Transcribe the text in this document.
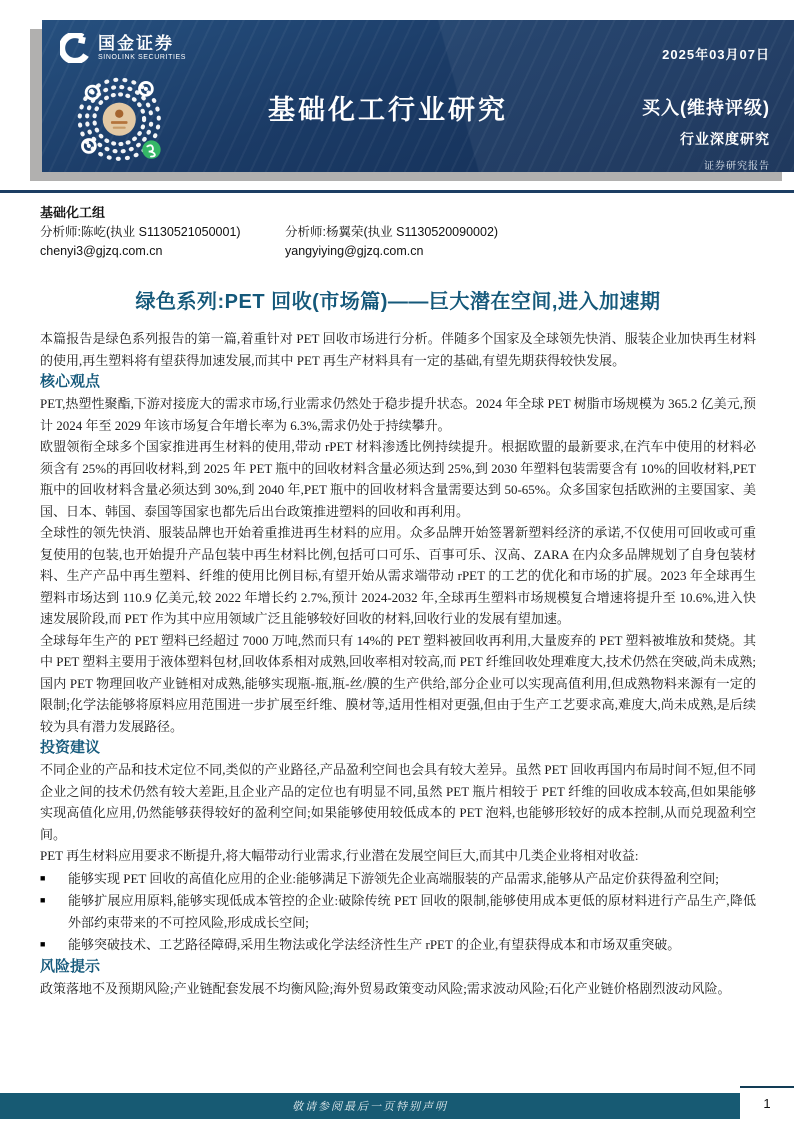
国金证券
SINOLINK SECURITIES	2025年03月07日
基础化工行业研究	买入(维持评级)
行业深度研究
证券研究报告
基础化工组
分析师:陈屹(执业 S1130521050001)
chenyi3@gjzq.com.cn
分析师:杨翼荣(执业 S1130520090002)
yangyiying@gjzq.com.cn
绿色系列:PET 回收(市场篇)——巨大潜在空间,进入加速期

本篇报告是绿色系列报告的第一篇,着重针对 PET 回收市场进行分析。伴随多个国家及全球领先快消、服装企业加快再生材料的使用,再生塑料将有望获得加速发展,而其中 PET 再生产材料具有一定的基础,有望先期获得较快发展。

核心观点

PET,热塑性聚酯,下游对接庞大的需求市场,行业需求仍然处于稳步提升状态。2024 年全球 PET 树脂市场规模为 365.2 亿美元,预计 2024 年至 2029 年该市场复合年增长率为 6.3%,需求仍处于持续攀升。

欧盟领衔全球多个国家推进再生材料的使用,带动 rPET 材料渗透比例持续提升。根据欧盟的最新要求,在汽车中使用的材料必须含有 25%的再回收材料,到 2025 年 PET 瓶中的回收材料含量必须达到 25%,到 2030 年塑料包装需要含有 10%的回收材料,PET 瓶中的回收材料含量必须达到 30%,到 2040 年,PET 瓶中的回收材料含量需要达到 50-65%。众多国家包括欧洲的主要国家、美国、日本、韩国、泰国等国家也都先后出台政策推进塑料的回收和再利用。

全球性的领先快消、服装品牌也开始着重推进再生材料的应用。众多品牌开始签署新塑料经济的承诺,不仅使用可回收或可重复使用的包装,也开始提升产品包装中再生材料比例,包括可口可乐、百事可乐、汉高、ZARA 在内众多品牌规划了自身包装材料、生产产品中再生塑料、纤维的使用比例目标,有望开始从需求端带动 rPET 的工艺的优化和市场的扩展。2023 年全球再生塑料市场达到 110.9 亿美元,较 2022 年增长约 2.7%,预计 2024-2032 年,全球再生塑料市场规模复合增速将提升至 10.6%,进入快速发展阶段,而 PET 作为其中应用领域广泛且能够较好回收的材料,回收行业的发展有望加速。

全球每年生产的 PET 塑料已经超过 7000 万吨,然而只有 14%的 PET 塑料被回收再利用,大量废弃的 PET 塑料被堆放和焚烧。其中 PET 塑料主要用于液体塑料包材,回收体系相对成熟,回收率相对较高,而 PET 纤维回收处理难度大,技术仍然在突破,尚未成熟;国内 PET 物理回收产业链相对成熟,能够实现瓶-瓶,瓶-丝/膜的生产供给,部分企业可以实现高值利用,但成熟物料来源有一定的限制;化学法能够将原料应用范围进一步扩展至纤维、膜材等,适用性相对更强,但由于生产工艺要求高,难度大,尚未成熟,是后续较为具有潜力发展路径。

投资建议

不同企业的产品和技术定位不同,类似的产业路径,产品盈利空间也会具有较大差异。虽然 PET 回收再国内布局时间不短,但不同企业之间的技术仍然有较大差距,且企业产品的定位也有明显不同,虽然 PET 瓶片相较于 PET 纤维的回收成本较高,但如果能够实现高值化应用,仍然能够获得较好的盈利空间;如果能够使用较低成本的 PET 泡料,也能够形较好的成本控制,从而兑现盈利空间。

PET 再生材料应用要求不断提升,将大幅带动行业需求,行业潜在发展空间巨大,而其中几类企业将相对收益:

■	能够实现 PET 回收的高值化应用的企业:能够满足下游领先企业高端服装的产品需求,能够从产品定价获得盈利空间;
■	能够扩展应用原料,能够实现低成本管控的企业:破除传统 PET 回收的限制,能够使用成本更低的原材料进行产品生产,降低外部约束带来的不可控风险,形成成长空间;
■	能够突破技术、工艺路径障碍,采用生物法或化学法经济性生产 rPET 的企业,有望获得成本和市场双重突破。
风险提示

政策落地不及预期风险;产业链配套发展不均衡风险;海外贸易政策变动风险;需求波动风险;石化产业链价格剧烈波动风险。

敬请参阅最后一页特别声明	1
